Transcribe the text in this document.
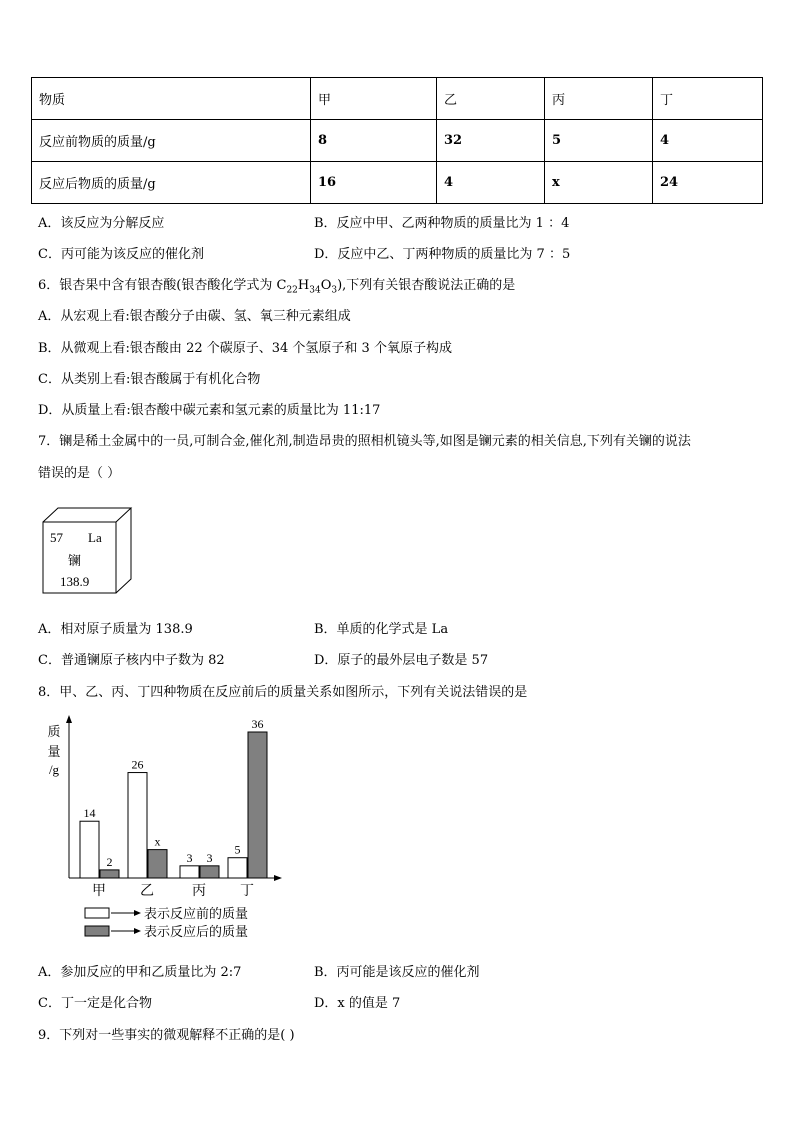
物质	甲	乙	丙	丁
反应前物质的质量/g	8	32	5	4
反应后物质的质量/g	16	4	x	24
A．该反应为分解反应	B．反应中甲、乙两种物质的质量比为 1 ：4
C．丙可能为该反应的催化剂	D．反应中乙、丁两种物质的质量比为 7 ：5
6．银杏果中含有银杏酸(银杏酸化学式为 $C_{22}H_{34}O_3$),下列有关银杏酸说法正确的是
A．从宏观上看:银杏酸分子由碳、氢、氧三种元素组成
B．从微观上看:银杏酸由 22 个碳原子、34 个氢原子和 3 个氧原子构成
C．从类别上看:银杏酸属于有机化合物
D．从质量上看:银杏酸中碳元素和氢元素的质量比为 11:17
7．镧是稀土金属中的一员,可制合金,催化剂,制造昂贵的照相机镜头等,如图是镧元素的相关信息,下列有关镧的说法
错误的是（ ）
57 La
镧
138.9
A．相对原子质量为 138.9	B．单质的化学式是 La
C．普通镧原子核内中子数为 82	D．原子的最外层电子数是 57
8．甲、乙、丙、丁四种物质在反应前后的质量关系如图所示，下列有关说法错误的是
质
量
/g
14
2
甲
26
x
乙
3 3
丙
5
36
丁
表示反应前的质量
表示反应后的质量
A．参加反应的甲和乙质量比为 2:7	B．丙可能是该反应的催化剂
C．丁一定是化合物	D．x 的值是 7
9．下列对一些事实的微观解释不正确的是( )
